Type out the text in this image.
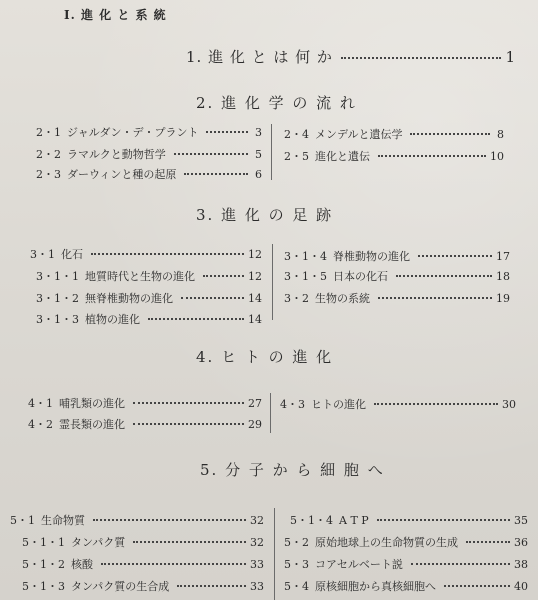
I. 進 化 と 系 統
1. 進 化 と は 何 か	1
2. 進 化 学 の 流 れ
2・1 ジャルダン・デ・プラント	3
2・2 ラマルクと動物哲学	5
2・3 ダーウィンと種の起原	6
2・4 メンデルと遺伝学	8
2・5 進化と遺伝	10
3. 進 化 の 足 跡
3・1 化石	12
3・1・1 地質時代と生物の進化	12
3・1・2 無脊椎動物の進化	14
3・1・3 植物の進化	14
3・1・4 脊椎動物の進化	17
3・1・5 日本の化石	18
3・2 生物の系統	19
4. ヒ ト の 進 化
4・1 哺乳類の進化	27
4・2 霊長類の進化	29
4・3 ヒトの進化	30
5. 分 子 か ら 細 胞 へ
5・1 生命物質	32
5・1・1 タンパク質	32
5・1・2 核酸	33
5・1・3 タンパク質の生合成	33
5・1・4 A T P	35
5・2 原始地球上の生命物質の生成	36
5・3 コアセルベート説	38
5・4 原核細胞から真核細胞へ	40
